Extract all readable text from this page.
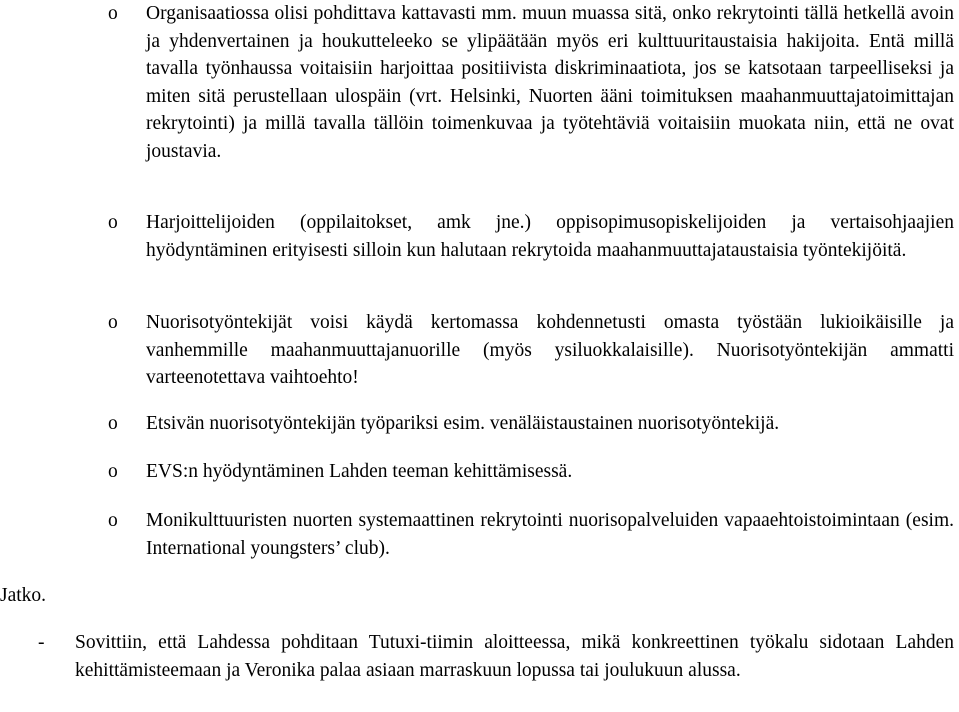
o Organisaatiossa olisi pohdittava kattavasti mm. muun muassa sitä, onko rekrytointi tällä hetkellä avoin ja yhdenvertainen ja houkutteleeko se ylipäätään myös eri kulttuuritaustaisia hakijoita. Entä millä tavalla työnhaussa voitaisiin harjoittaa positiivista diskriminaatiota, jos se katsotaan tarpeelliseksi ja miten sitä perustellaan ulospäin (vrt. Helsinki, Nuorten ääni toimituksen maahanmuuttajatoimittajan rekrytointi) ja millä tavalla tällöin toimenkuvaa ja työtehtäviä voitaisiin muokata niin, että ne ovat joustavia.
o Harjoittelijoiden (oppilaitokset, amk jne.) oppisopimusopiskelijoiden ja vertaisohjaajien hyödyntäminen erityisesti silloin kun halutaan rekrytoida maahanmuuttajataustaisia työntekijöitä.
o Nuorisotyöntekijät voisi käydä kertomassa kohdennetusti omasta työstään lukioikäisille ja vanhemmille maahanmuuttajanuorille (myös ysiluokkalaisille). Nuorisotyöntekijän ammatti varteenotettava vaihtoehto!
o Etsivän nuorisotyöntekijän työpariksi esim. venäläistaustainen nuorisotyöntekijä.
o EVS:n hyödyntäminen Lahden teeman kehittämisessä.
o Monikulttuuristen nuorten systemaattinen rekrytointi nuorisopalveluiden vapaaehtoistoimintaan (esim. International youngsters’ club).
Jatko.
- Sovittiin, että Lahdessa pohditaan Tutuxi-tiimin aloitteessa, mikä konkreettinen työkalu sidotaan Lahden kehittämisteemaan ja Veronika palaa asiaan marraskuun lopussa tai joulukuun alussa.
